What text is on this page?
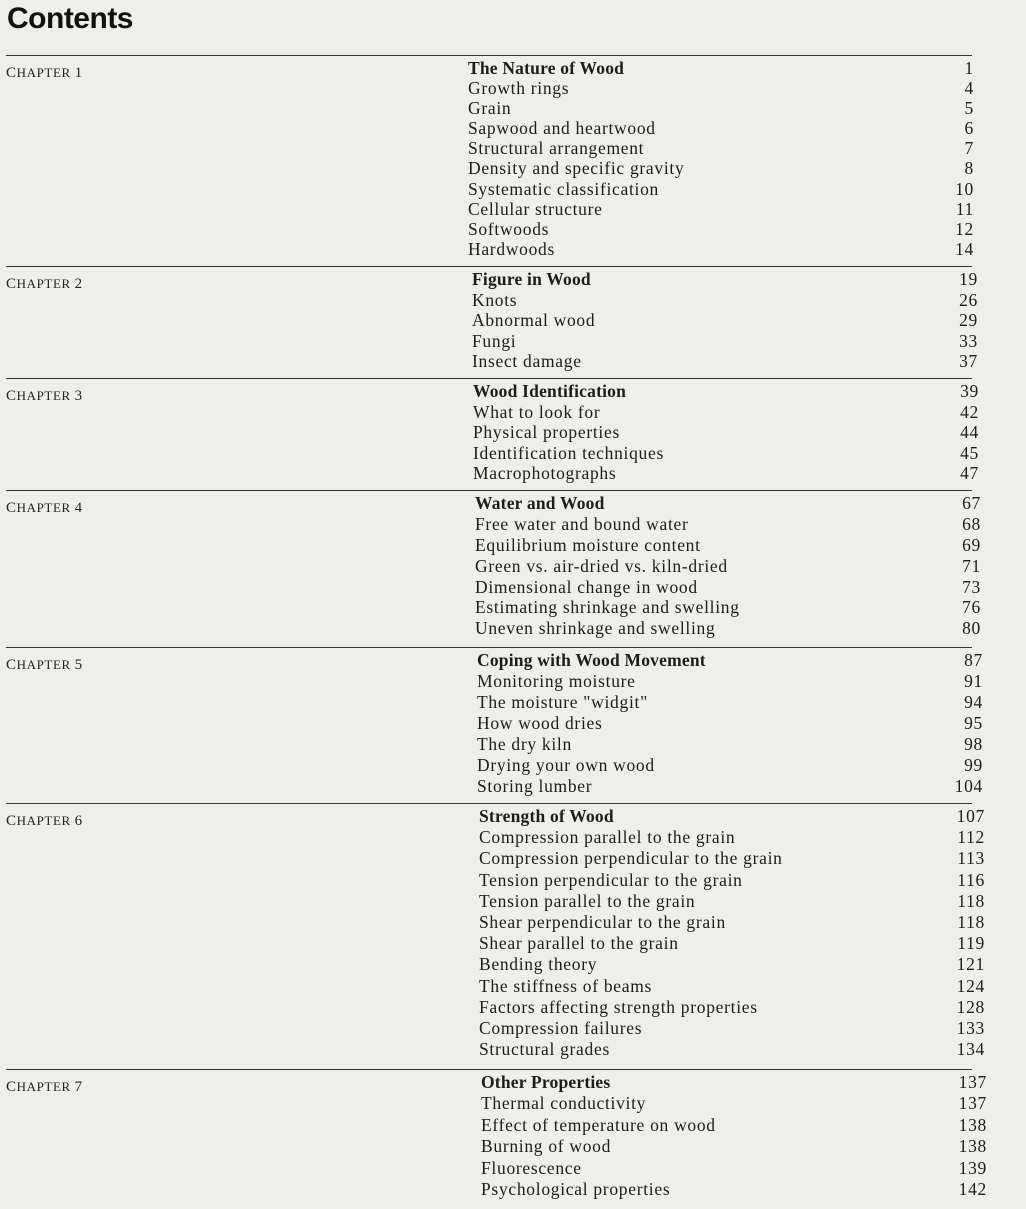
Contents
CHAPTER 1	The Nature of Wood	1
Growth rings	4
Grain	5
Sapwood and heartwood	6
Structural arrangement	7
Density and specific gravity	8
Systematic classification	10
Cellular structure	11
Softwoods	12
Hardwoods	14
CHAPTER 2	Figure in Wood	19
Knots	26
Abnormal wood	29
Fungi	33
Insect damage	37
CHAPTER 3	Wood Identification	39
What to look for	42
Physical properties	44
Identification techniques	45
Macrophotographs	47
CHAPTER 4	Water and Wood	67
Free water and bound water	68
Equilibrium moisture content	69
Green vs. air-dried vs. kiln-dried	71
Dimensional change in wood	73
Estimating shrinkage and swelling	76
Uneven shrinkage and swelling	80
CHAPTER 5	Coping with Wood Movement	87
Monitoring moisture	91
The moisture "widgit"	94
How wood dries	95
The dry kiln	98
Drying your own wood	99
Storing lumber	104
CHAPTER 6	Strength of Wood	107
Compression parallel to the grain	112
Compression perpendicular to the grain	113
Tension perpendicular to the grain	116
Tension parallel to the grain	118
Shear perpendicular to the grain	118
Shear parallel to the grain	119
Bending theory	121
The stiffness of beams	124
Factors affecting strength properties	128
Compression failures	133
Structural grades	134
CHAPTER 7	Other Properties	137
Thermal conductivity	137
Effect of temperature on wood	138
Burning of wood	138
Fluorescence	139
Psychological properties	142
